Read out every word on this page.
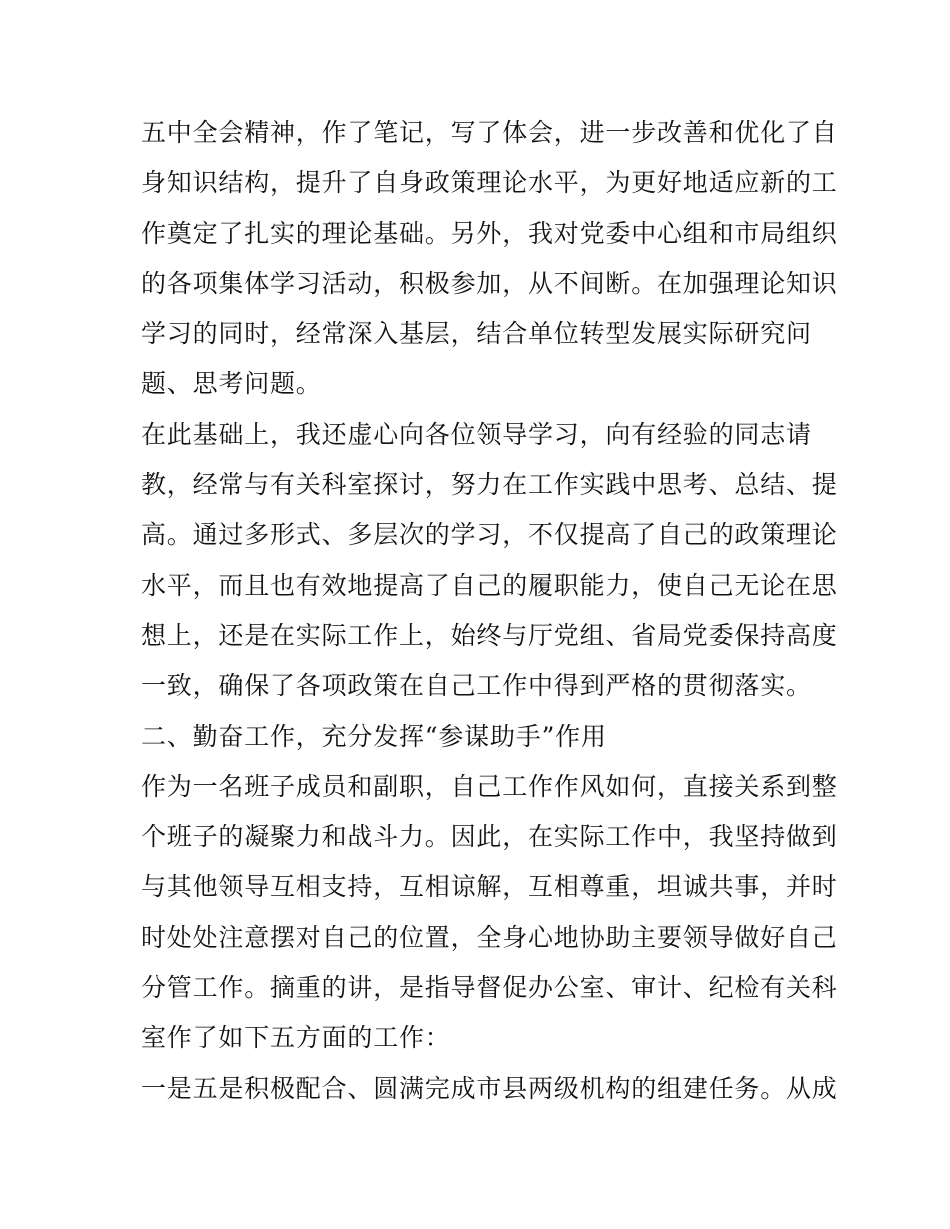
五中全会精神，作了笔记，写了体会，进一步改善和优化了自
身知识结构，提升了自身政策理论水平，为更好地适应新的工
作奠定了扎实的理论基础。另外，我对党委中心组和市局组织
的各项集体学习活动，积极参加，从不间断。在加强理论知识
学习的同时，经常深入基层，结合单位转型发展实际研究问
题、思考问题。
在此基础上，我还虚心向各位领导学习，向有经验的同志请
教，经常与有关科室探讨，努力在工作实践中思考、总结、提
高。通过多形式、多层次的学习，不仅提高了自己的政策理论
水平，而且也有效地提高了自己的履职能力，使自己无论在思
想上，还是在实际工作上，始终与厅党组、省局党委保持高度
一致，确保了各项政策在自己工作中得到严格的贯彻落实。
二、勤奋工作，充分发挥“参谋助手”作用
作为一名班子成员和副职，自己工作作风如何，直接关系到整
个班子的凝聚力和战斗力。因此，在实际工作中，我坚持做到
与其他领导互相支持，互相谅解，互相尊重，坦诚共事，并时
时处处注意摆对自己的位置，全身心地协助主要领导做好自己
分管工作。摘重的讲，是指导督促办公室、审计、纪检有关科
室作了如下五方面的工作：
一是五是积极配合、圆满完成市县两级机构的组建任务。从成
